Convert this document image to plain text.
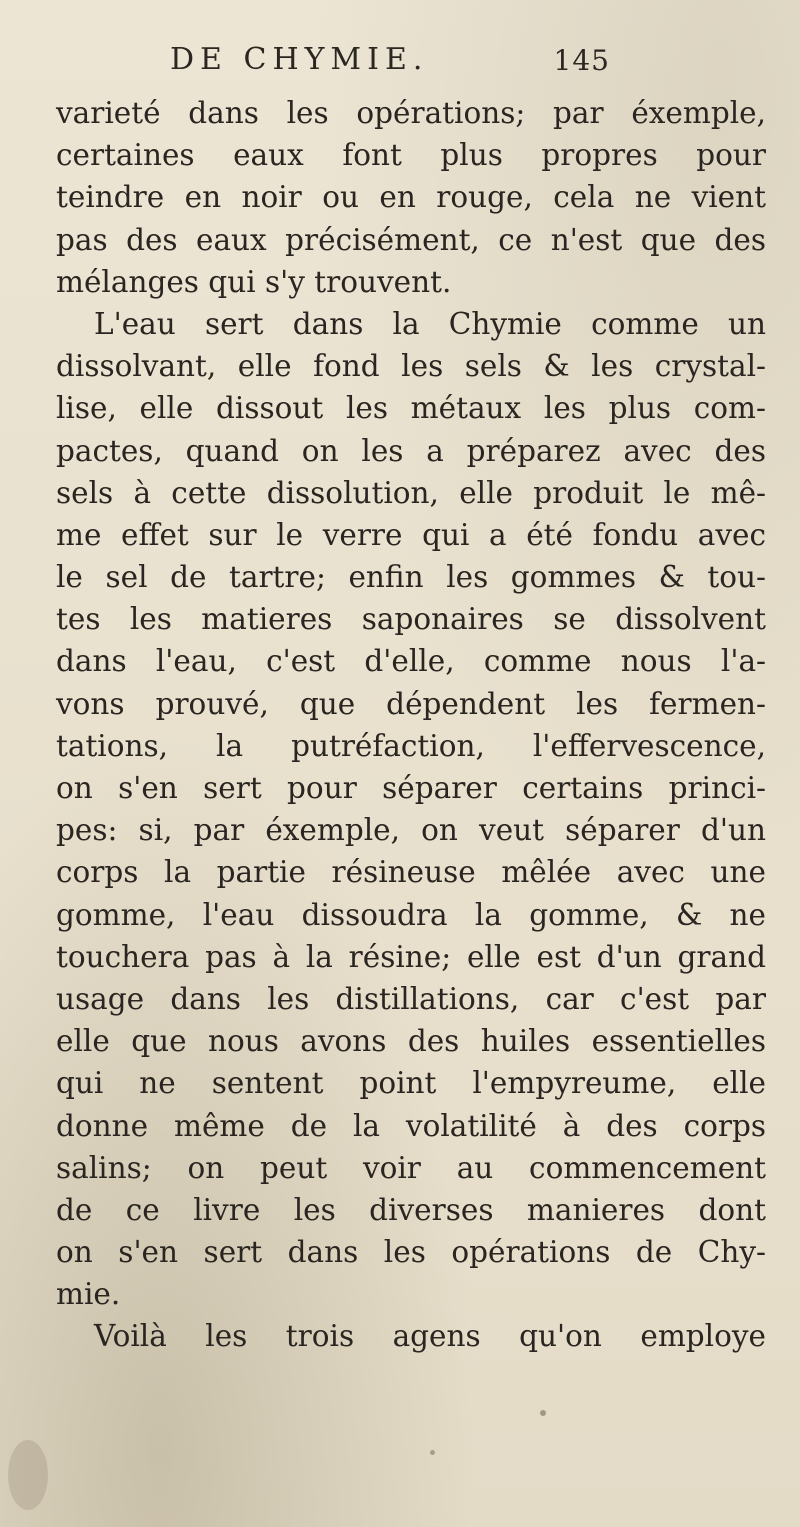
DE CHYMIE.	145
varieté dans les opérations; par éxemple,
certaines eaux font plus propres pour
teindre en noir ou en rouge, cela ne vient
pas des eaux précisément, ce n'est que des
mélanges qui s'y trouvent.
L'eau sert dans la Chymie comme un
dissolvant, elle fond les sels & les crystal-
lise, elle dissout les métaux les plus com-
pactes, quand on les a préparez avec des
sels à cette dissolution, elle produit le mê-
me effet sur le verre qui a été fondu avec
le sel de tartre; enfin les gommes & tou-
tes les matieres saponaires se dissolvent
dans l'eau, c'est d'elle, comme nous l'a-
vons prouvé, que dépendent les fermen-
tations, la putréfaction, l'effervescence,
on s'en sert pour séparer certains princi-
pes: si, par éxemple, on veut séparer d'un
corps la partie résineuse mêlée avec une
gomme, l'eau dissoudra la gomme, & ne
touchera pas à la résine; elle est d'un grand
usage dans les distillations, car c'est par
elle que nous avons des huiles essentielles
qui ne sentent point l'empyreume, elle
donne même de la volatilité à des corps
salins; on peut voir au commencement
de ce livre les diverses manieres dont
on s'en sert dans les opérations de Chy-
mie.
Voilà les trois agens qu'on employe
